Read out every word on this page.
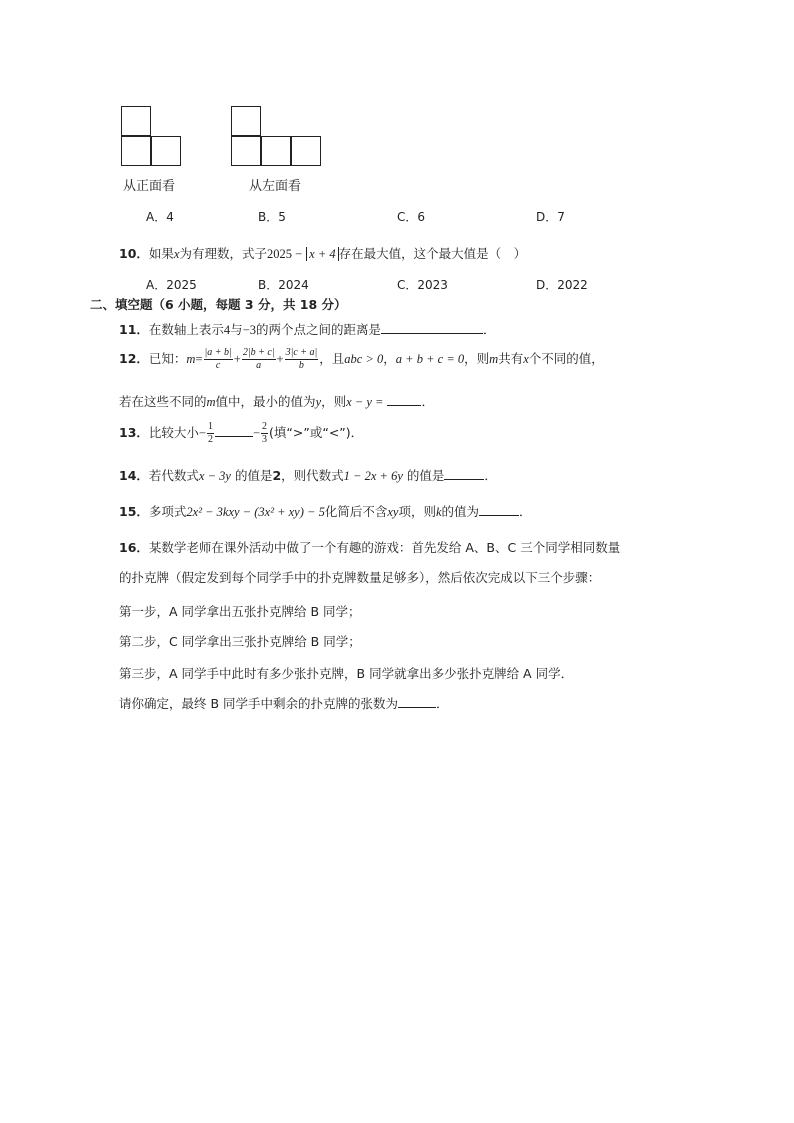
从正面看	从左面看
A．4	B．5	C．6	D．7
10．如果x为有理数，式子2025 − x + 4 存在最大值，这个最大值是（　）
A．2025	B．2024	C．2023	D．2022
二、填空题（6 小题，每题 3 分，共 18 分）
11．在数轴上表示4与−3的两个点之间的距离是	．
12．已知：$m= \frac{|a + b|}{c} + \frac{2|b + c|}{a} + \frac{3|c + a|}{b}$ ，且abc > 0，a + b + c = 0，则m共有x个不同的值，
若在这些不同的m值中，最小的值为y，则x − y =	．
13．比较大小− $\frac{1}{2}$	− $\frac{2}{3}$ (填“>”或“<”)．
14．若代数式x − 3y 的值是2，则代数式1 − 2x + 6y 的值是	．
15．多项式2x² − 3kxy − (3x² + xy) − 5化简后不含xy项，则k的值为	．
16．某数学老师在课外活动中做了一个有趣的游戏：首先发给 A、B、C 三个同学相同数量
的扑克牌（假定发到每个同学手中的扑克牌数量足够多），然后依次完成以下三个步骤：
第一步，A 同学拿出五张扑克牌给 B 同学；
第二步，C 同学拿出三张扑克牌给 B 同学；
第三步，A 同学手中此时有多少张扑克牌，B 同学就拿出多少张扑克牌给 A 同学．
请你确定，最终 B 同学手中剩余的扑克牌的张数为	．
